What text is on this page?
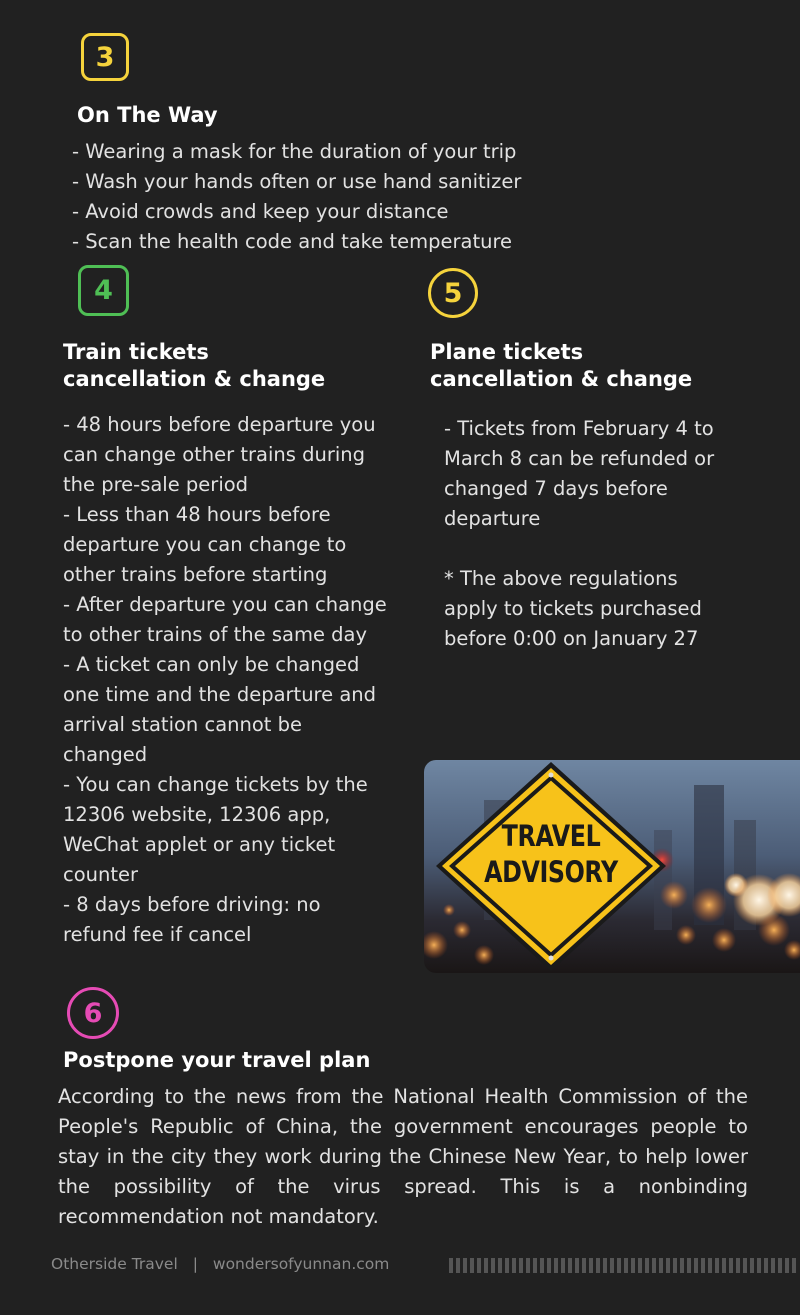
3
On The Way
- Wearing a mask for the duration of your trip
- Wash your hands often or use hand sanitizer
- Avoid crowds and keep your distance
- Scan the health code and take temperature
4
Train tickets
cancellation & change
- 48 hours before departure you
can change other trains during
the pre-sale period
- Less than 48 hours before
departure you can change to
other trains before starting
- After departure you can change
to other trains of the same day
- A ticket can only be changed
one time and the departure and
arrival station cannot be
changed
- You can change tickets by the
12306 website, 12306 app,
WeChat applet or any ticket
counter
- 8 days before driving: no
refund fee if cancel
5
Plane tickets
cancellation & change
- Tickets from February 4 to
March 8 can be refunded or
changed 7 days before
departure
* The above regulations
apply to tickets purchased
before 0:00 on January 27
TRAVEL
ADVISORY
6
Postpone your travel plan

According to the news from the National Health Commission of the People's Republic of China, the government encourages people to stay in the city they work during the Chinese New Year, to help lower the possibility of the virus spread. This is a nonbinding recommendation not mandatory.

Otherside Travel | wondersofyunnan.com
